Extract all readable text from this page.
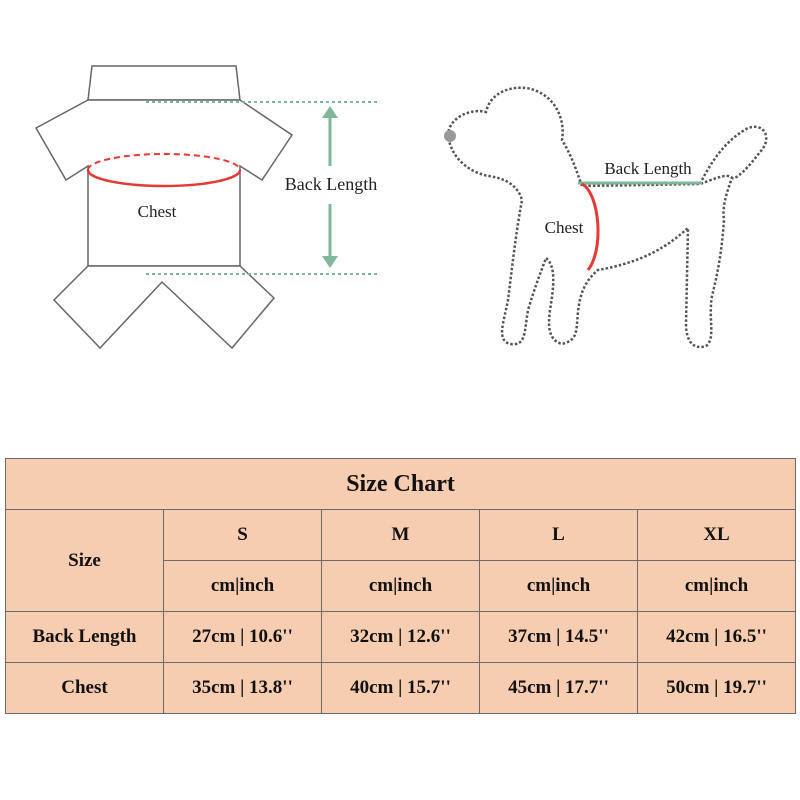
Chest
Back Length
Back Length
Chest
Size Chart				
Size	S	M	L	XL
	cm|inch	cm|inch	cm|inch	cm|inch
Back Length	27cm | 10.6''	32cm | 12.6''	37cm | 14.5''	42cm | 16.5''
Chest	35cm | 13.8''	40cm | 15.7''	45cm | 17.7''	50cm | 19.7''
